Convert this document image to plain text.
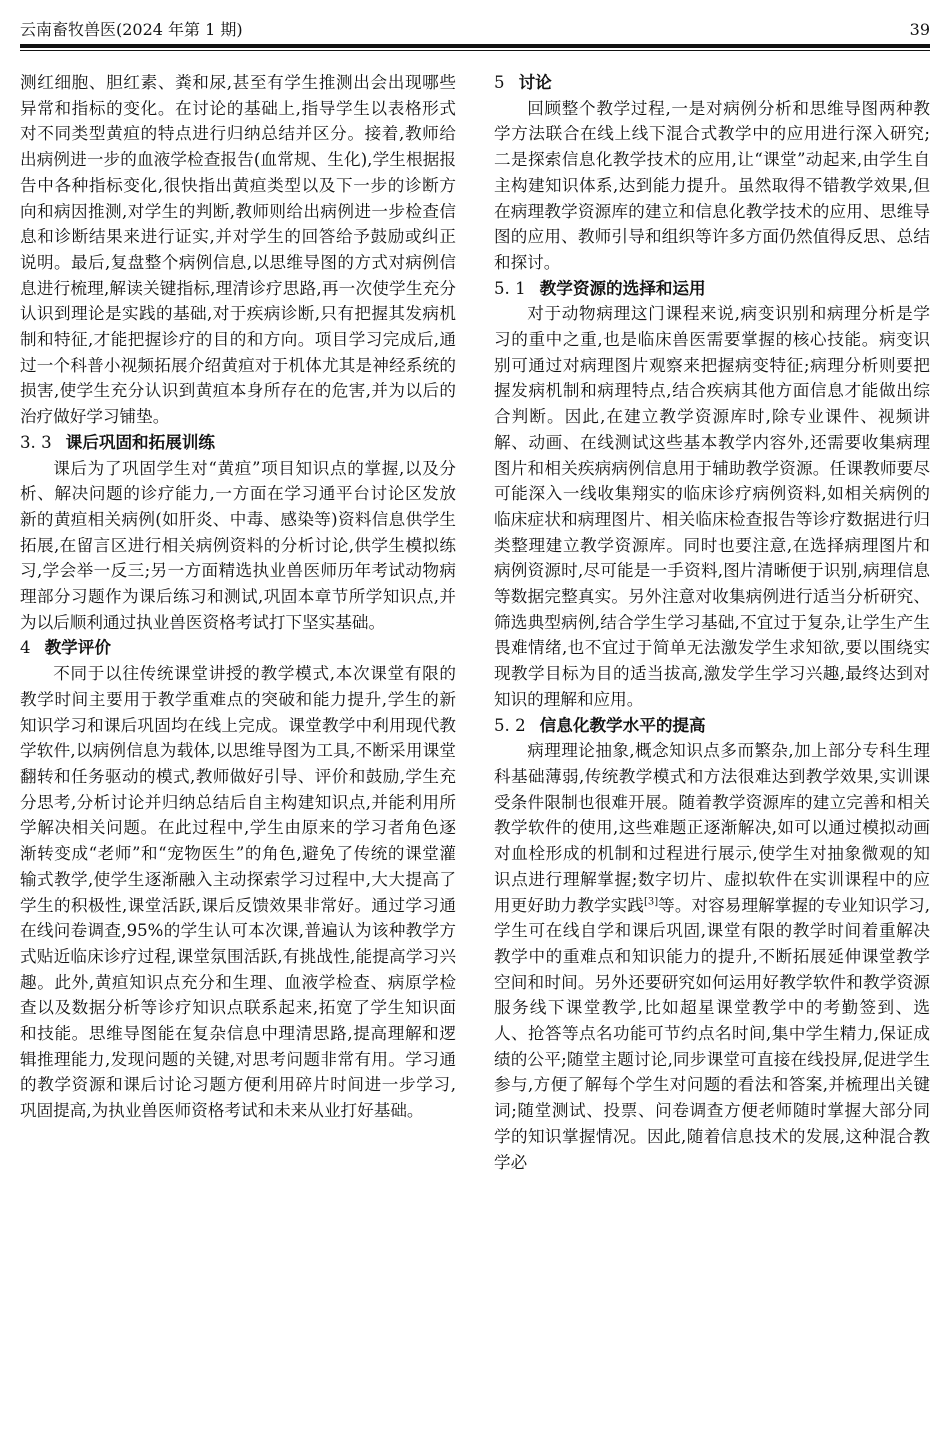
云南畜牧兽医(2024 年第 1 期)	39

测红细胞、胆红素、粪和尿,甚至有学生推测出会出现哪些异常和指标的变化。在讨论的基础上,指导学生以表格形式对不同类型黄疸的特点进行归纳总结并区分。接着,教师给出病例进一步的血液学检查报告(血常规、生化),学生根据报告中各种指标变化,很快指出黄疸类型以及下一步的诊断方向和病因推测,对学生的判断,教师则给出病例进一步检查信息和诊断结果来进行证实,并对学生的回答给予鼓励或纠正说明。最后,复盘整个病例信息,以思维导图的方式对病例信息进行梳理,解读关键指标,理清诊疗思路,再一次使学生充分认识到理论是实践的基础,对于疾病诊断,只有把握其发病机制和特征,才能把握诊疗的目的和方向。项目学习完成后,通过一个科普小视频拓展介绍黄疸对于机体尤其是神经系统的损害,使学生充分认识到黄疸本身所存在的危害,并为以后的治疗做好学习铺垫。

3. 3 课后巩固和拓展训练

课后为了巩固学生对“黄疸”项目知识点的掌握,以及分析、解决问题的诊疗能力,一方面在学习通平台讨论区发放新的黄疸相关病例(如肝炎、中毒、感染等)资料信息供学生拓展,在留言区进行相关病例资料的分析讨论,供学生模拟练习,学会举一反三;另一方面精选执业兽医师历年考试动物病理部分习题作为课后练习和测试,巩固本章节所学知识点,并为以后顺利通过执业兽医资格考试打下坚实基础。

4 教学评价

不同于以往传统课堂讲授的教学模式,本次课堂有限的教学时间主要用于教学重难点的突破和能力提升,学生的新知识学习和课后巩固均在线上完成。课堂教学中利用现代教学软件,以病例信息为载体,以思维导图为工具,不断采用课堂翻转和任务驱动的模式,教师做好引导、评价和鼓励,学生充分思考,分析讨论并归纳总结后自主构建知识点,并能利用所学解决相关问题。在此过程中,学生由原来的学习者角色逐渐转变成“老师”和“宠物医生”的角色,避免了传统的课堂灌输式教学,使学生逐渐融入主动探索学习过程中,大大提高了学生的积极性,课堂活跃,课后反馈效果非常好。通过学习通在线问卷调查,95%的学生认可本次课,普遍认为该种教学方式贴近临床诊疗过程,课堂氛围活跃,有挑战性,能提高学习兴趣。此外,黄疸知识点充分和生理、血液学检查、病原学检查以及数据分析等诊疗知识点联系起来,拓宽了学生知识面和技能。思维导图能在复杂信息中理清思路,提高理解和逻辑推理能力,发现问题的关键,对思考问题非常有用。学习通的教学资源和课后讨论习题方便利用碎片时间进一步学习,巩固提高,为执业兽医师资格考试和未来从业打好基础。

5 讨论

回顾整个教学过程,一是对病例分析和思维导图两种教学方法联合在线上线下混合式教学中的应用进行深入研究;二是探索信息化教学技术的应用,让“课堂”动起来,由学生自主构建知识体系,达到能力提升。虽然取得不错教学效果,但在病理教学资源库的建立和信息化教学技术的应用、思维导图的应用、教师引导和组织等许多方面仍然值得反思、总结和探讨。

5. 1 教学资源的选择和运用

对于动物病理这门课程来说,病变识别和病理分析是学习的重中之重,也是临床兽医需要掌握的核心技能。病变识别可通过对病理图片观察来把握病变特征;病理分析则要把握发病机制和病理特点,结合疾病其他方面信息才能做出综合判断。因此,在建立教学资源库时,除专业课件、视频讲解、动画、在线测试这些基本教学内容外,还需要收集病理图片和相关疾病病例信息用于辅助教学资源。任课教师要尽可能深入一线收集翔实的临床诊疗病例资料,如相关病例的临床症状和病理图片、相关临床检查报告等诊疗数据进行归类整理建立教学资源库。同时也要注意,在选择病理图片和病例资源时,尽可能是一手资料,图片清晰便于识别,病理信息等数据完整真实。另外注意对收集病例进行适当分析研究、筛选典型病例,结合学生学习基础,不宜过于复杂,让学生产生畏难情绪,也不宜过于简单无法激发学生求知欲,要以围绕实现教学目标为目的适当拔高,激发学生学习兴趣,最终达到对知识的理解和应用。

5. 2 信息化教学水平的提高

病理理论抽象,概念知识点多而繁杂,加上部分专科生理科基础薄弱,传统教学模式和方法很难达到教学效果,实训课受条件限制也很难开展。随着教学资源库的建立完善和相关教学软件的使用,这些难题正逐渐解决,如可以通过模拟动画对血栓形成的机制和过程进行展示,使学生对抽象微观的知识点进行理解掌握;数字切片、虚拟软件在实训课程中的应用更好助力教学实践[3]等。对容易理解掌握的专业知识学习,学生可在线自学和课后巩固,课堂有限的教学时间着重解决教学中的重难点和知识能力的提升,不断拓展延伸课堂教学空间和时间。另外还要研究如何运用好教学软件和教学资源服务线下课堂教学,比如超星课堂教学中的考勤签到、选人、抢答等点名功能可节约点名时间,集中学生精力,保证成绩的公平;随堂主题讨论,同步课堂可直接在线投屏,促进学生参与,方便了解每个学生对问题的看法和答案,并梳理出关键词;随堂测试、投票、问卷调查方便老师随时掌握大部分同学的知识掌握情况。因此,随着信息技术的发展,这种混合教学必
